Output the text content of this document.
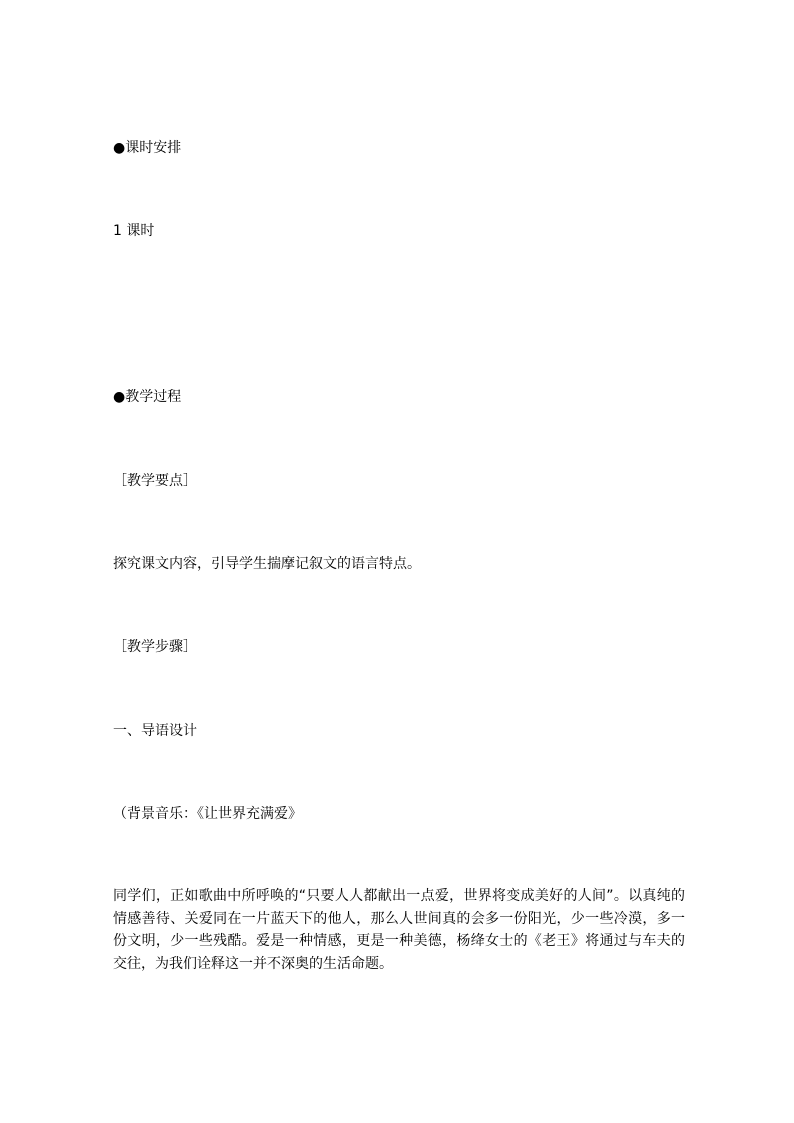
●课时安排
1 课时
●教学过程
［教学要点］
探究课文内容，引导学生揣摩记叙文的语言特点。
［教学步骤］
一、导语设计
（背景音乐：《让世界充满爱》
同学们，正如歌曲中所呼唤的“只要人人都献出一点爱，世界将变成美好的人间”。以真纯的情感善待、关爱同在一片蓝天下的他人，那么人世间真的会多一份阳光，少一些冷漠，多一份文明，少一些残酷。爱是一种情感，更是一种美德，杨绛女士的《老王》将通过与车夫的交往，为我们诠释这一并不深奥的生活命题。
